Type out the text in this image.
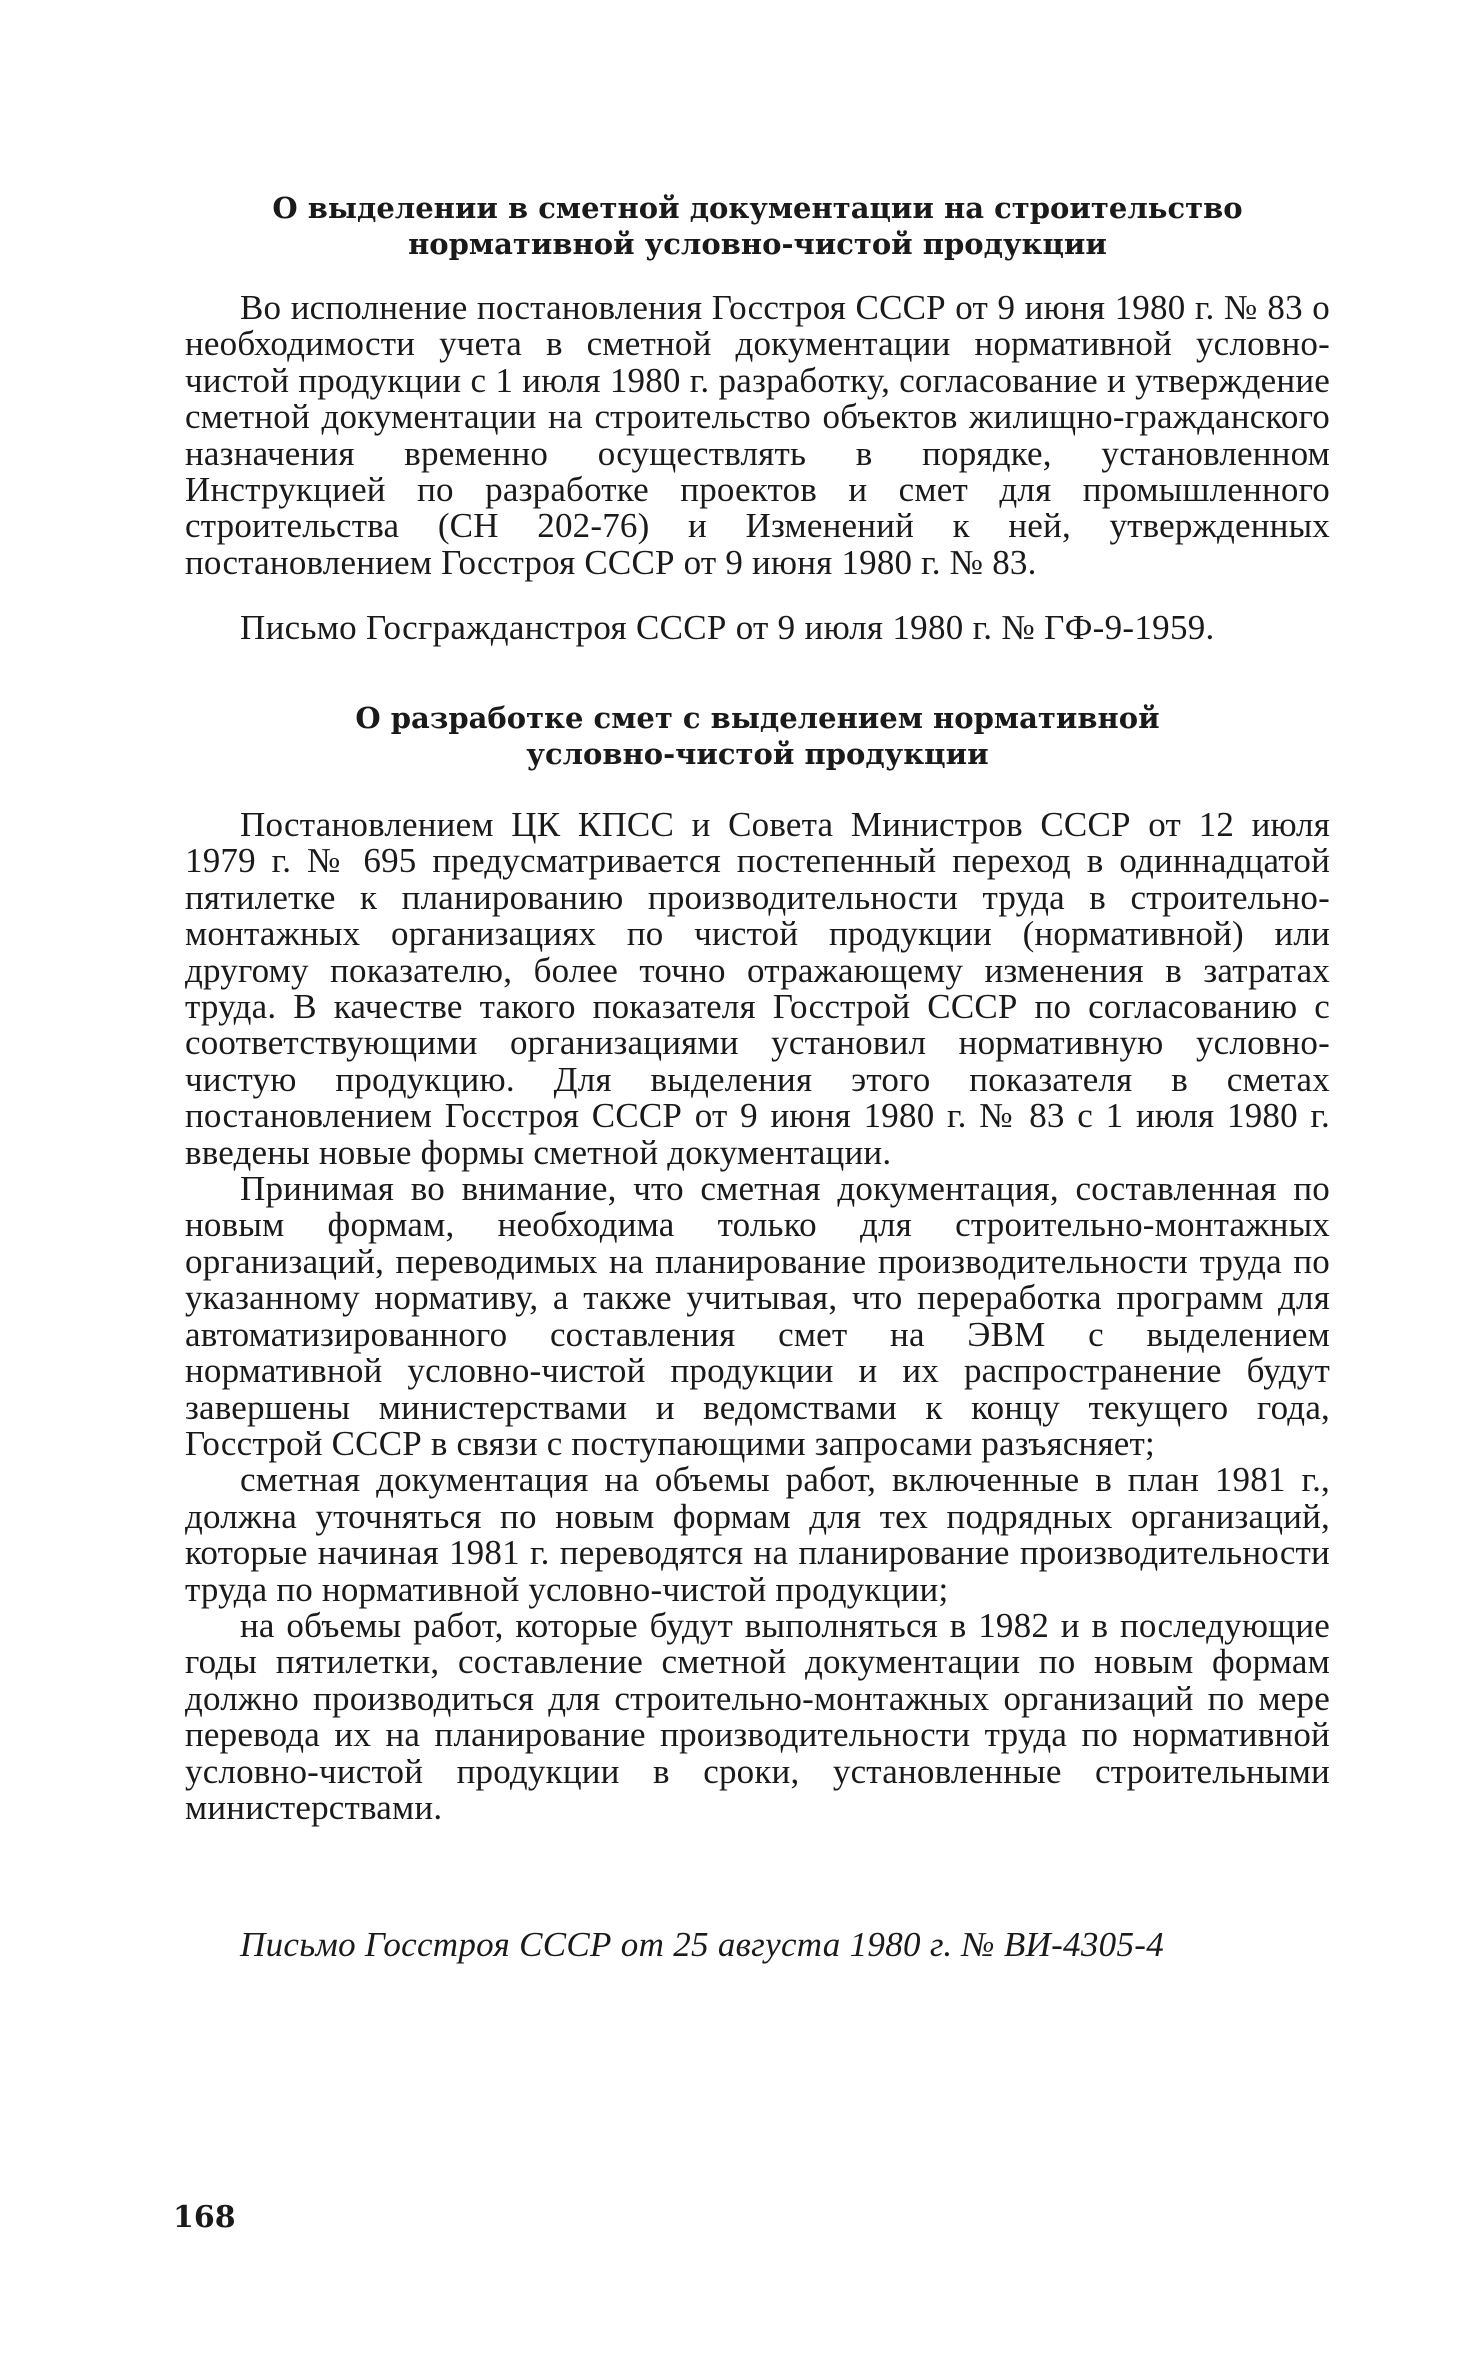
О выделении в сметной документации на строительство
нормативной условно-чистой продукции

Во исполнение постановления Госстроя СССР от 9 июня 1980 г. № 83 о необходимости учета в сметной документации нормативной условно-чистой продукции с 1 июля 1980 г. разработку, согласование и утверждение сметной документации на строительство объектов жилищно-гражданского назначения временно осуществлять в порядке, установленном Инструкцией по разработке проектов и смет для промышленного строительства (СН 202-76) и Изменений к ней, утвержденных постановлением Госстроя СССР от 9 июня 1980 г. № 83.

Письмо Госгражданстроя СССР от 9 июля 1980 г. № ГФ-9-1959.

О разработке смет с выделением нормативной
условно-чистой продукции

Постановлением ЦК КПСС и Совета Министров СССР от 12 июля 1979 г. № 695 предусматривается постепенный переход в одиннадцатой пятилетке к планированию производительности труда в строительно-монтажных организациях по чистой продукции (нормативной) или другому показателю, более точно отражающему изменения в затратах труда. В качестве такого показателя Госстрой СССР по согласованию с соответствующими организациями установил нормативную условно-чистую продукцию. Для выделения этого показателя в сметах постановлением Госстроя СССР от 9 июня 1980 г. № 83 с 1 июля 1980 г. введены новые формы сметной документации.

Принимая во внимание, что сметная документация, составленная по новым формам, необходима только для строительно-монтажных организаций, переводимых на планирование производительности труда по указанному нормативу, а также учитывая, что переработка программ для автоматизированного составления смет на ЭВМ с выделением нормативной условно-чистой продукции и их распространение будут завершены министерствами и ведомствами к концу текущего года, Госстрой СССР в связи с поступающими запросами разъясняет;

сметная документация на объемы работ, включенные в план 1981 г., должна уточняться по новым формам для тех подрядных организаций, которые начиная 1981 г. переводятся на планирование производительности труда по нормативной условно-чистой продукции;

на объемы работ, которые будут выполняться в 1982 и в последующие годы пятилетки, составление сметной документации по новым формам должно производиться для строительно-монтажных организаций по мере перевода их на планирование производительности труда по нормативной условно-чистой продукции в сроки, установленные строительными министерствами.

Письмо Госстроя СССР от 25 августа 1980 г. № ВИ-4305-4

168
